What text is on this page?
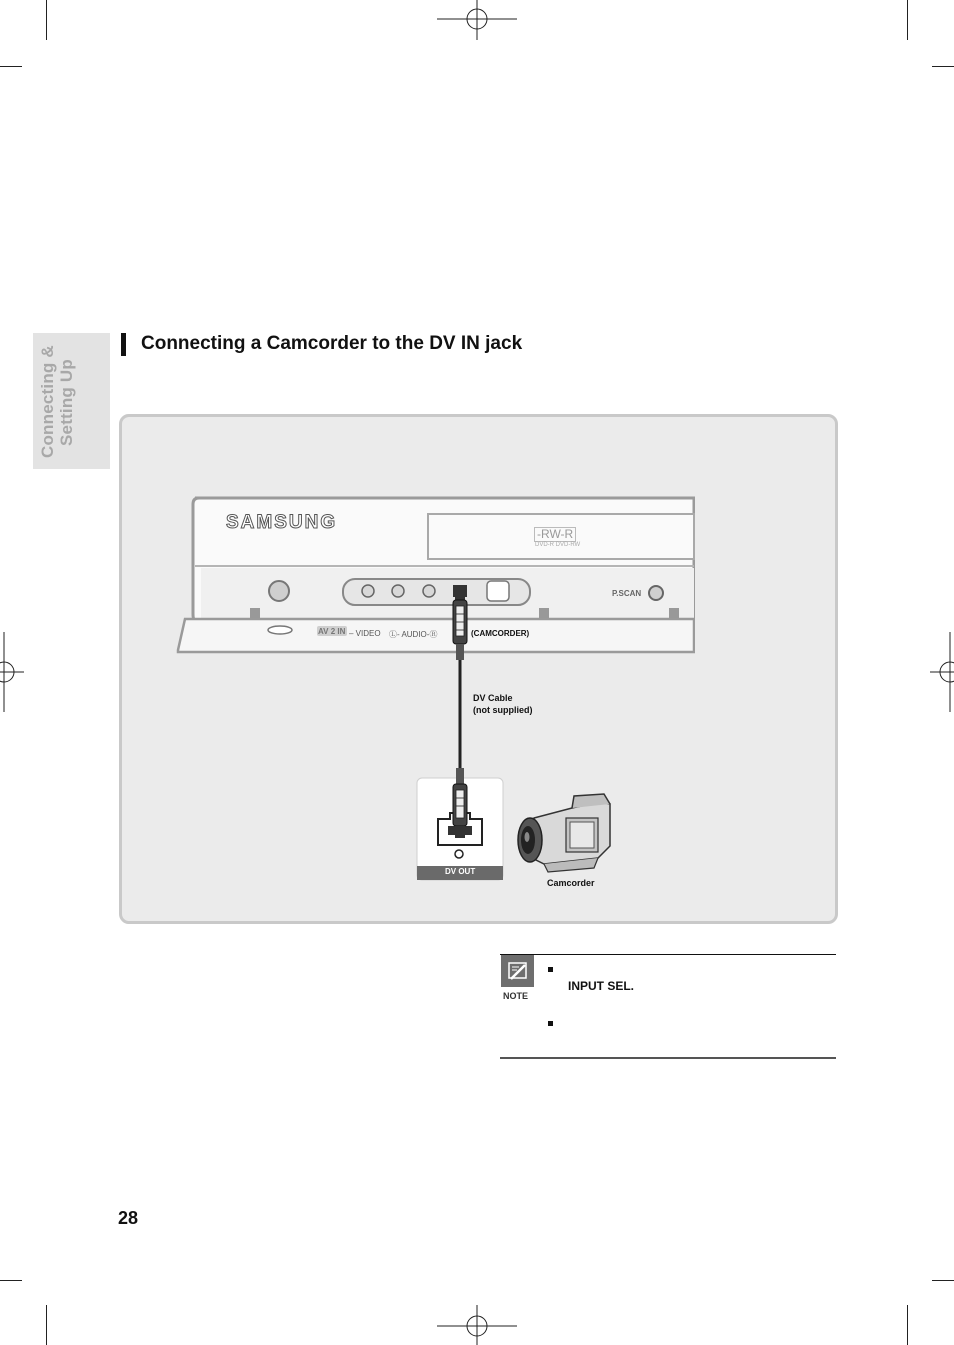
Connecting & Setting Up
Connecting a Camcorder to the DV IN jack
SAMSUNG
-RW-R
DVD-R DVD-RW
P.SCAN
AV 2 IN – VIDEO Ⓛ- AUDIO-Ⓡ	(CAMCORDER)
DV OUT
DV Cable
(not supplied)
Camcorder
NOTE
INPUT SEL.
28
